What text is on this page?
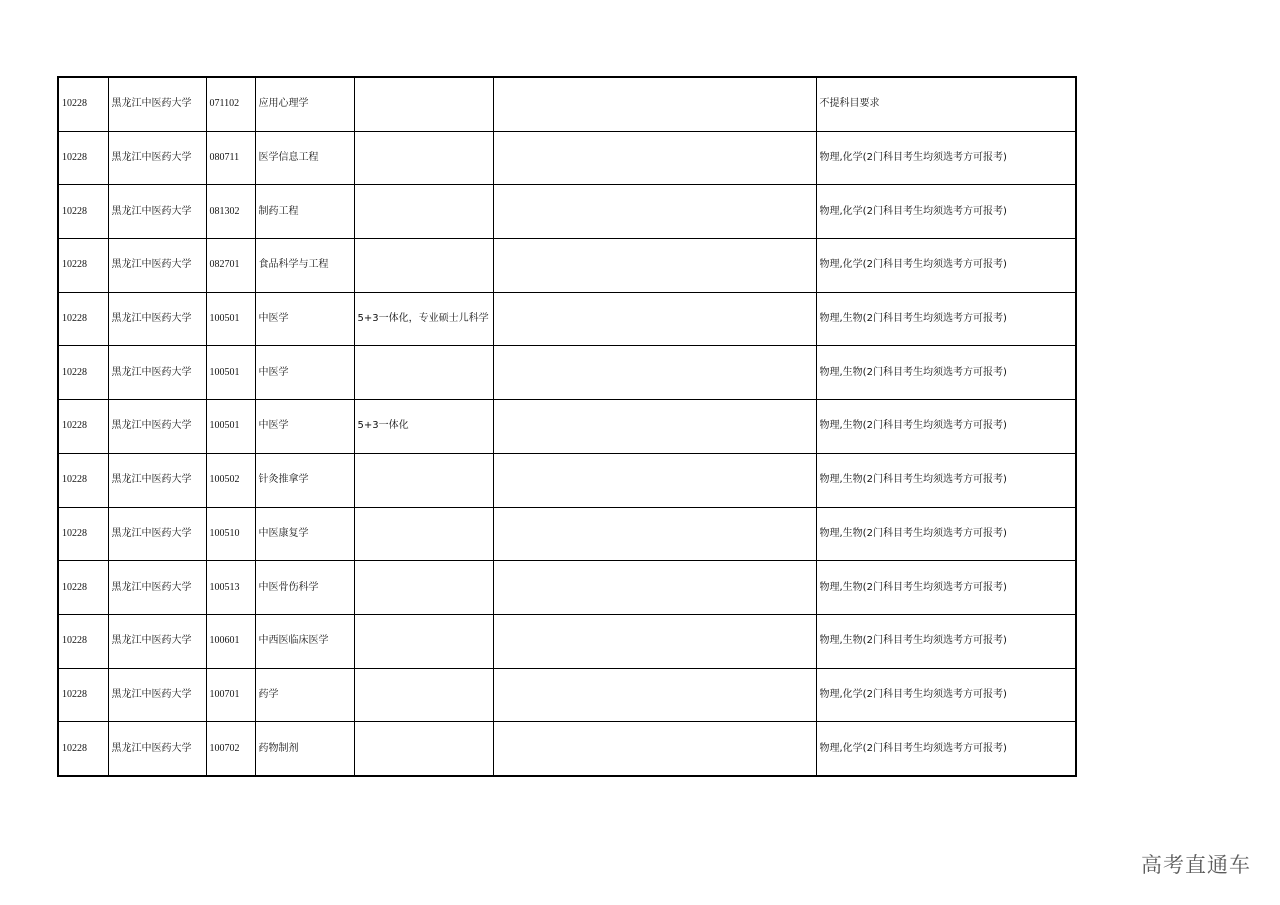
10228	黑龙江中医药大学	071102	应用心理学			不提科目要求
10228	黑龙江中医药大学	080711	医学信息工程			物理,化学(2门科目考生均须选考方可报考)
10228	黑龙江中医药大学	081302	制药工程			物理,化学(2门科目考生均须选考方可报考)
10228	黑龙江中医药大学	082701	食品科学与工程			物理,化学(2门科目考生均须选考方可报考)
10228	黑龙江中医药大学	100501	中医学	5+3一体化，专业硕士儿科学		物理,生物(2门科目考生均须选考方可报考)
10228	黑龙江中医药大学	100501	中医学			物理,生物(2门科目考生均须选考方可报考)
10228	黑龙江中医药大学	100501	中医学	5+3一体化		物理,生物(2门科目考生均须选考方可报考)
10228	黑龙江中医药大学	100502	针灸推拿学			物理,生物(2门科目考生均须选考方可报考)
10228	黑龙江中医药大学	100510	中医康复学			物理,生物(2门科目考生均须选考方可报考)
10228	黑龙江中医药大学	100513	中医骨伤科学			物理,生物(2门科目考生均须选考方可报考)
10228	黑龙江中医药大学	100601	中西医临床医学			物理,生物(2门科目考生均须选考方可报考)
10228	黑龙江中医药大学	100701	药学			物理,化学(2门科目考生均须选考方可报考)
10228	黑龙江中医药大学	100702	药物制剂			物理,化学(2门科目考生均须选考方可报考)
高考直通车
